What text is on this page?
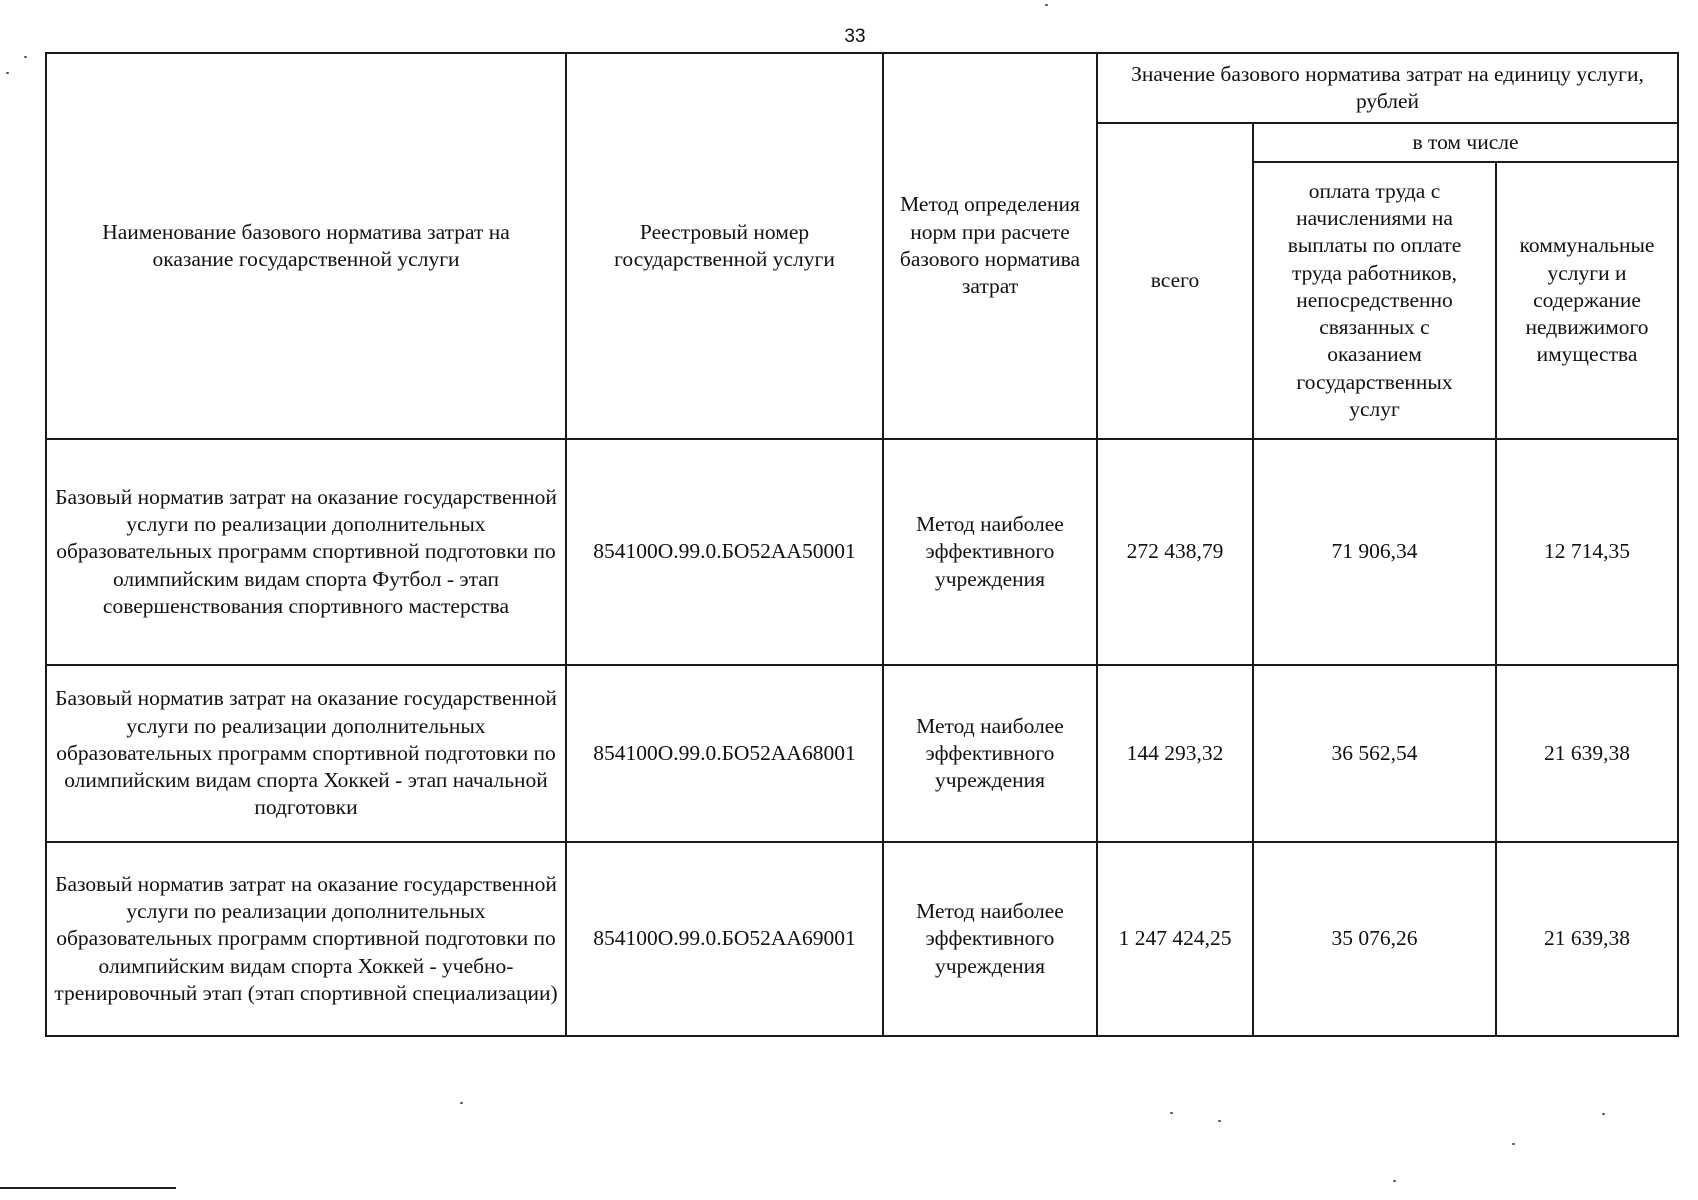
33
Наименование базового норматива затрат на оказание государственной услуги	Реестровый номер государственной услуги	Метод определения норм при расчете базового норматива затрат	Значение базового норматива затрат на единицу услуги, рублей		
			всего	в том числе	
				оплата труда с начислениями на выплаты по оплате труда работников, непосредственно связанных с оказанием государственных услуг	коммунальные услуги и содержание недвижимого имущества
Базовый норматив затрат на оказание государственной услуги по реализации дополнительных образовательных программ спортивной подготовки по олимпийским видам спорта Футбол - этап совершенствования спортивного мастерства	854100О.99.0.БО52АА50001	Метод наиболее эффективного учреждения	272 438,79	71 906,34	12 714,35
Базовый норматив затрат на оказание государственной услуги по реализации дополнительных образовательных программ спортивной подготовки по олимпийским видам спорта Хоккей - этап начальной подготовки	854100О.99.0.БО52АА68001	Метод наиболее эффективного учреждения	144 293,32	36 562,54	21 639,38
Базовый норматив затрат на оказание государственной услуги по реализации дополнительных образовательных программ спортивной подготовки по олимпийским видам спорта Хоккей - учебно-тренировочный этап (этап спортивной специализации)	854100О.99.0.БО52АА69001	Метод наиболее эффективного учреждения	1 247 424,25	35 076,26	21 639,38
